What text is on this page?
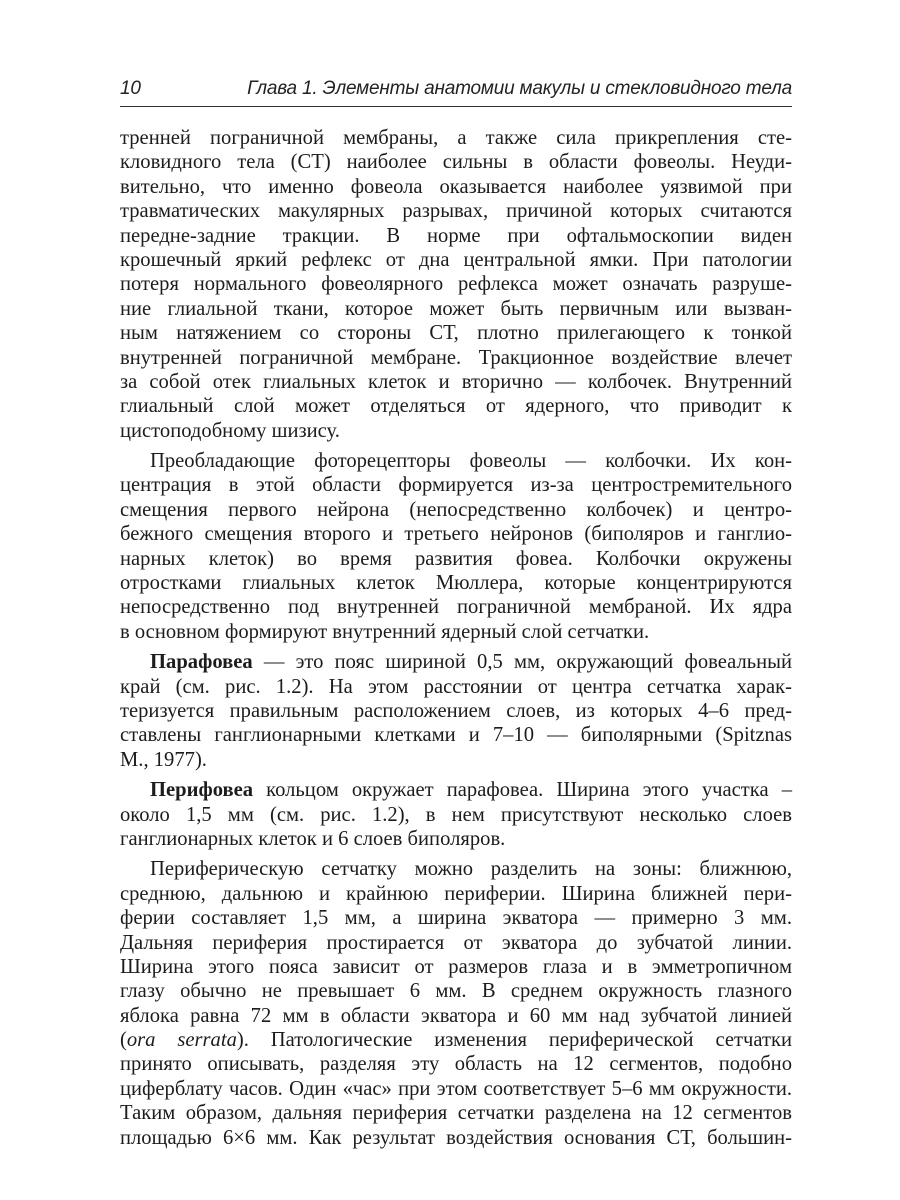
10	Глава 1. Элементы анатомии макулы и стекловидного тела
тренней пограничной мембраны, а также сила прикрепления сте-
кловидного тела (СТ) наиболее сильны в области фовеолы. Неуди-
вительно, что именно фовеола оказывается наиболее уязвимой при
травматических макулярных разрывах, причиной которых считаются
передне-задние тракции. В норме при офтальмоскопии виден
крошечный яркий рефлекс от дна центральной ямки. При патологии
потеря нормального фовеолярного рефлекса может означать разруше-
ние глиальной ткани, которое может быть первичным или вызван-
ным натяжением со стороны СТ, плотно прилегающего к тонкой
внутренней пограничной мембране. Тракционное воздействие влечет
за собой отек глиальных клеток и вторично — колбочек. Внутренний
глиальный слой может отделяться от ядерного, что приводит к
цистоподобному шизису.
Преобладающие фоторецепторы фовеолы — колбочки. Их кон-
центрация в этой области формируется из-за центростремительного
смещения первого нейрона (непосредственно колбочек) и центро-
бежного смещения второго и третьего нейронов (биполяров и ганглио-
нарных клеток) во время развития фовеа. Колбочки окружены
отростками глиальных клеток Мюллера, которые концентрируются
непосредственно под внутренней пограничной мембраной. Их ядра
в основном формируют внутренний ядерный слой сетчатки.
Парафовеа — это пояс шириной 0,5 мм, окружающий фовеальный
край (см. рис. 1.2). На этом расстоянии от центра сетчатка харак-
теризуется правильным расположением слоев, из которых 4–6 пред-
ставлены ганглионарными клетками и 7–10 — биполярными (Spitznas
M., 1977).
Перифовеа кольцом окружает парафовеа. Ширина этого участка –
около 1,5 мм (см. рис. 1.2), в нем присутствуют несколько слоев
ганглионарных клеток и 6 слоев биполяров.
Периферическую сетчатку можно разделить на зоны: ближнюю,
среднюю, дальнюю и крайнюю периферии. Ширина ближней пери-
ферии составляет 1,5 мм, а ширина экватора — примерно 3 мм.
Дальняя периферия простирается от экватора до зубчатой линии.
Ширина этого пояса зависит от размеров глаза и в эмметропичном
глазу обычно не превышает 6 мм. В среднем окружность глазного
яблока равна 72 мм в области экватора и 60 мм над зубчатой линией
(ora serrata). Патологические изменения периферической сетчатки
принято описывать, разделяя эту область на 12 сегментов, подобно
циферблату часов. Один «час» при этом соответствует 5–6 мм окружности.
Таким образом, дальняя периферия сетчатки разделена на 12 сегментов
площадью 6×6 мм. Как результат воздействия основания СТ, большин-
